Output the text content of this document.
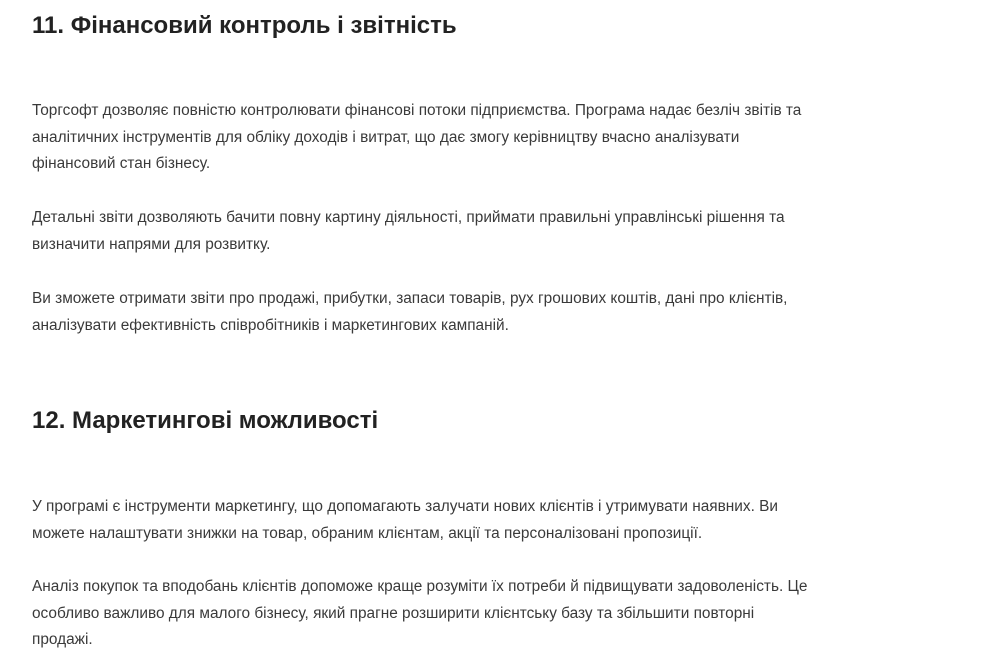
11. Фінансовий контроль і звітність

Торгсофт дозволяє повністю контролювати фінансові потоки підприємства. Програма надає безліч звітів та
аналітичних інструментів для обліку доходів і витрат, що дає змогу керівництву вчасно аналізувати
фінансовий стан бізнесу.

Детальні звіти дозволяють бачити повну картину діяльності, приймати правильні управлінські рішення та
визначити напрями для розвитку.

Ви зможете отримати звіти про продажі, прибутки, запаси товарів, рух грошових коштів, дані про клієнтів,
аналізувати ефективність співробітників і маркетингових кампаній.

12. Маркетингові можливості

У програмі є інструменти маркетингу, що допомагають залучати нових клієнтів і утримувати наявних. Ви
можете налаштувати знижки на товар, обраним клієнтам, акції та персоналізовані пропозиції.

Аналіз покупок та вподобань клієнтів допоможе краще розуміти їх потреби й підвищувати задоволеність. Це
особливо важливо для малого бізнесу, який прагне розширити клієнтську базу та збільшити повторні
продажі.
